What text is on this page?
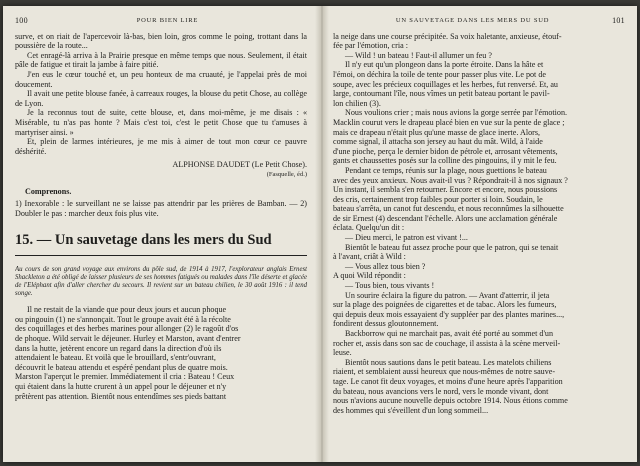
100	POUR BIEN LIRE

surve, et on riait de l'apercevoir là-bas, bien loin, gros comme le poing, trottant dans la poussière de la route...

Cet enragé-là arriva à la Prairie presque en même temps que nous. Seulement, il était pâle de fatigue et tirait la jambe à faire pitié.

J'en eus le cœur touché et, un peu honteux de ma cruauté, je l'appelai près de moi doucement.

Il avait une petite blouse fanée, à carreaux rouges, la blouse du petit Chose, au collège de Lyon.

Je la reconnus tout de suite, cette blouse, et, dans moi-même, je me disais : « Misérable, tu n'as pas honte ? Mais c'est toi, c'est le petit Chose que tu t'amuses à martyriser ainsi. »

Et, plein de larmes intérieures, je me mis à aimer de tout mon cœur ce pauvre déshérité.

ALPHONSE DAUDET (Le Petit Chose).

(Fasquelle, éd.)

Comprenons.

1) Inexorable : le surveillant ne se laisse pas attendrir par les prières de Bamban. — 2) Doubler le pas : marcher deux fois plus vite.

15. — Un sauvetage dans les mers du Sud

Au cours de son grand voyage aux environs du pôle sud, de 1914 à 1917, l'explorateur anglais Ernest Shackleton a été obligé de laisser plusieurs de ses hommes fatigués ou malades dans l'île déserte et glacée de l'Eléphant afin d'aller chercher du secours. Il revient sur un bateau chilien, le 30 août 1916 : il tend songe.

Il ne restait de la viande que pour deux jours et aucun phoque

ou pingouin (1) ne s'annonçait. Tout le groupe avait été à la récolte

des coquillages et des herbes marines pour allonger (2) le ragoût d'os

de phoque. Wild servait le déjeuner. Hurley et Marston, avant d'entrer

dans la hutte, jetèrent encore un regard dans la direction d'où ils

attendaient le bateau. Et voilà que le brouillard, s'entr'ouvrant,

découvrit le bateau attendu et espéré pendant plus de quatre mois.

Marston l'aperçut le premier. Immédiatement il cria : Bateau ! Ceux

qui étaient dans la hutte crurent à un appel pour le déjeuner et n'y

prêtèrent pas attention. Bientôt nous entendîmes ses pieds battant

UN SAUVETAGE DANS LES MERS DU SUD	101

la neige dans une course précipitée. Sa voix haletante, anxieuse, étouf-

fée par l'émotion, cria :

— Wild ! un bateau ! Faut-il allumer un feu ?

Il n'y eut qu'un plongeon dans la porte étroite. Dans la hâte et

l'émoi, on déchira la toile de tente pour passer plus vite. Le pot de

soupe, avec les précieux coquillages et les herbes, fut renversé. Et, au

large, contournant l'île, nous vîmes un petit bateau portant le pavil-

lon chilien (3).

Nous voulions crier ; mais nous avions la gorge serrée par l'émotion.

Macklin courut vers le drapeau placé bien en vue sur la pente de glace ;

mais ce drapeau n'était plus qu'une masse de glace inerte. Alors,

comme signal, il attacha son jersey au haut du mât. Wild, à l'aide

d'une pioche, perça le dernier bidon de pétrole et, arrosant vêtements,

gants et chaussettes posés sur la colline des pingouins, il y mit le feu.

Pendant ce temps, réunis sur la plage, nous guettions le bateau

avec des yeux anxieux. Nous avait-il vus ? Répondrait-il à nos signaux ?

Un instant, il sembla s'en retourner. Encore et encore, nous poussions

des cris, certainement trop faibles pour porter si loin. Soudain, le

bateau s'arrêta, un canot fut descendu, et nous reconnûmes la silhouette

de sir Ernest (4) descendant l'échelle. Alors une acclamation générale

éclata. Quelqu'un dit :

— Dieu merci, le patron est vivant !...

Bientôt le bateau fut assez proche pour que le patron, qui se tenait

à l'avant, criât à Wild :

— Vous allez tous bien ?

A quoi Wild répondit :

— Tous bien, tous vivants !

Un sourire éclaira la figure du patron. — Avant d'atterrir, il jeta

sur la plage des poignées de cigarettes et de tabac. Alors les fumeurs,

qui depuis deux mois essayaient d'y suppléer par des plantes marines...,

fondirent dessus gloutonnement.

Backborrow qui ne marchait pas, avait été porté au sommet d'un

rocher et, assis dans son sac de couchage, il assista à la scène merveil-

leuse.

Bientôt nous sautions dans le petit bateau. Les matelots chiliens

riaient, et semblaient aussi heureux que nous-mêmes de notre sauve-

tage. Le canot fit deux voyages, et moins d'une heure après l'apparition

du bateau, nous avancions vers le nord, vers le monde vivant, dont

nous n'avions aucune nouvelle depuis octobre 1914. Nous étions comme

des hommes qui s'éveillent d'un long sommeil...
